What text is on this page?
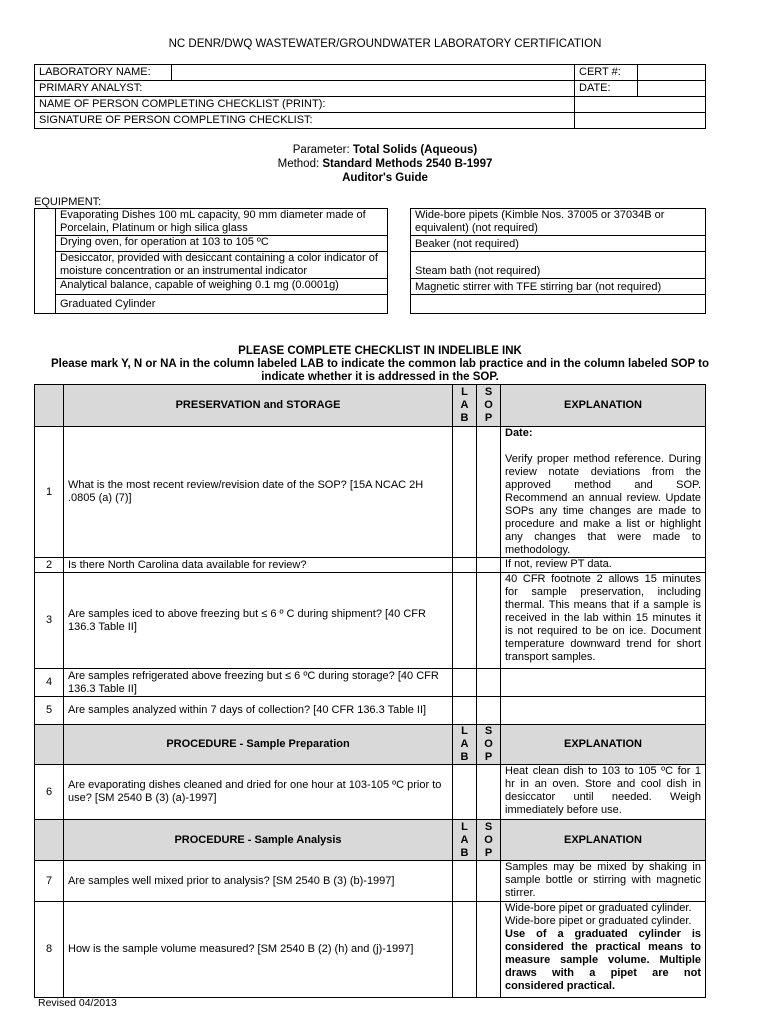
NC DENR/DWQ WASTEWATER/GROUNDWATER LABORATORY CERTIFICATION
LABORATORY NAME:		CERT #:	
PRIMARY ANALYST:		DATE:	
NAME OF PERSON COMPLETING CHECKLIST (PRINT):			
SIGNATURE OF PERSON COMPLETING CHECKLIST:			
Parameter: Total Solids (Aqueous)
Method: Standard Methods 2540 B-1997
Auditor's Guide
EQUIPMENT:
	Evaporating Dishes 100 mL capacity, 90 mm diameter made of Porcelain, Platinum or high silica glass		Wide-bore pipets (Kimble Nos. 37005 or 37034B or equivalent) (not required)
	Drying oven, for operation at 103 to 105 ºC		Beaker (not required)
	Desiccator, provided with desiccant containing a color indicator of moisture concentration or an instrumental indicator		Steam bath (not required)
	Analytical balance, capable of weighing 0.1 mg (0.0001g)		Magnetic stirrer with TFE stirring bar (not required)
	Graduated Cylinder		
PLEASE COMPLETE CHECKLIST IN INDELIBLE INK
Please mark Y, N or NA in the column labeled LAB to indicate the common lab practice and in the column labeled SOP to indicate whether it is addressed in the SOP.
	PRESERVATION and STORAGE	L
A
B	S
O
P	EXPLANATION
1	What is the most recent review/revision date of the SOP? [15A NCAC 2H .0805 (a) (7)]			Date:
Verify proper method reference. During review notate deviations from the approved method and SOP. Recommend an annual review. Update SOPs any time changes are made to procedure and make a list or highlight any changes that were made to methodology.

2	Is there North Carolina data available for review?			If not, review PT data.
3	Are samples iced to above freezing but ≤ 6 º C during shipment? [40 CFR 136.3 Table II]			40 CFR footnote 2 allows 15 minutes for sample preservation, including thermal. This means that if a sample is received in the lab within 15 minutes it is not required to be on ice. Document temperature downward trend for short transport samples.
4	Are samples refrigerated above freezing but ≤ 6 ºC during storage? [40 CFR 136.3 Table II]			
5	Are samples analyzed within 7 days of collection? [40 CFR 136.3 Table II]			
	PROCEDURE - Sample Preparation	L
A
B	S
O
P	EXPLANATION
6	Are evaporating dishes cleaned and dried for one hour at 103-105 ºC prior to use? [SM 2540 B (3) (a)-1997]			Heat clean dish to 103 to 105 ºC for 1 hr in an oven. Store and cool dish in desiccator until needed. Weigh immediately before use.
	PROCEDURE - Sample Analysis	L
A
B	S
O
P	EXPLANATION
7	Are samples well mixed prior to analysis? [SM 2540 B (3) (b)-1997]			Samples may be mixed by shaking in sample bottle or stirring with magnetic stirrer.
8	How is the sample volume measured? [SM 2540 B (2) (h) and (j)-1997]			Wide-bore pipet or graduated cylinder.
Wide-bore pipet or graduated cylinder.
Use of a graduated cylinder is considered the practical means to measure sample volume. Multiple draws with a pipet are not considered practical.
Revised 04/2013
